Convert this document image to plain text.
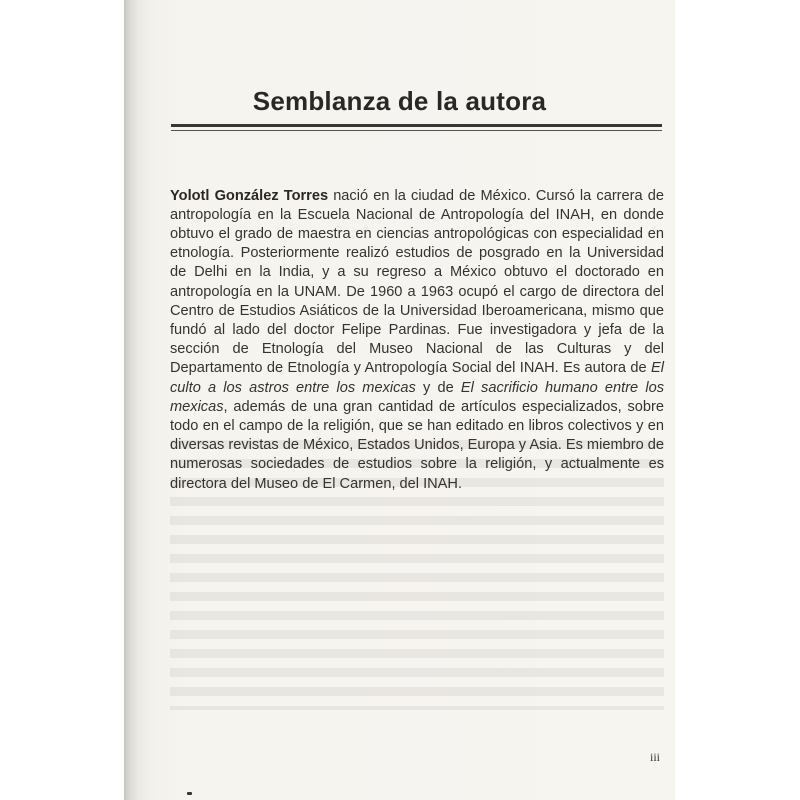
Semblanza de la autora

Yolotl González Torres nació en la ciudad de México. Cursó la carrera de antropología en la Escuela Nacional de Antropología del INAH, en donde obtuvo el grado de maestra en ciencias antropológicas con especialidad en etnología. Posteriormente realizó estudios de posgrado en la Universidad de Delhi en la India, y a su regreso a México obtuvo el doctorado en antropología en la UNAM. De 1960 a 1963 ocupó el cargo de directora del Centro de Estudios Asiáticos de la Universidad Iberoamericana, mismo que fundó al lado del doctor Felipe Pardinas. Fue investigadora y jefa de la sección de Etnología del Museo Nacional de las Culturas y del Departamento de Etnología y Antropología Social del INAH. Es autora de El culto a los astros entre los mexicas y de El sacrificio humano entre los mexicas, además de una gran cantidad de artículos especializados, sobre todo en el campo de la religión, que se han editado en libros colectivos y en diversas revistas de México, Estados Unidos, Europa y Asia. Es miembro de numerosas sociedades de estudios sobre la religión, y actualmente es directora del Museo de El Carmen, del INAH.

iii
